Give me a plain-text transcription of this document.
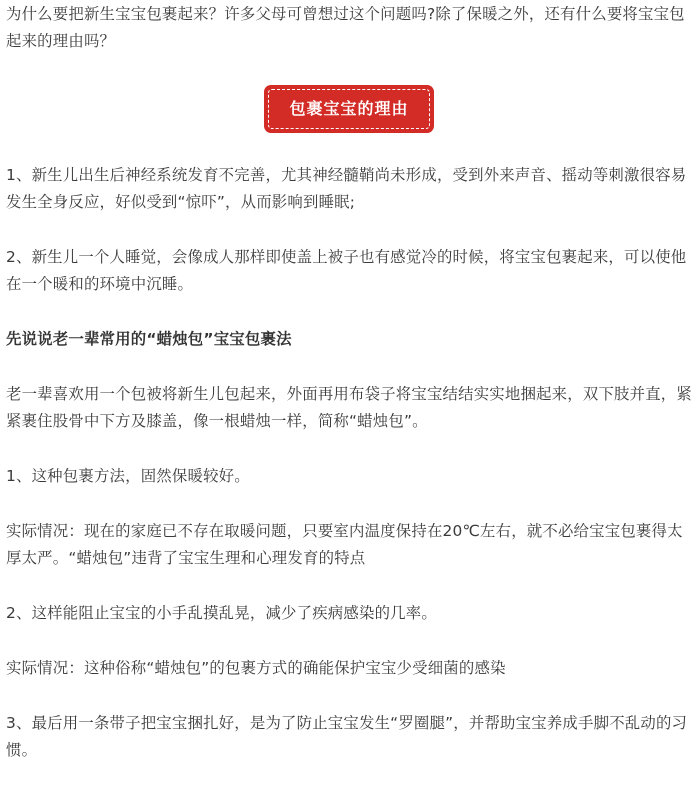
为什么要把新生宝宝包裹起来？许多父母可曾想过这个问题吗?除了保暖之外，还有什么要将宝宝包起来的理由吗？

包裹宝宝的理由

1、新生儿出生后神经系统发育不完善，尤其神经髓鞘尚未形成，受到外来声音、摇动等刺激很容易发生全身反应，好似受到“惊吓”，从而影响到睡眠;

2、新生儿一个人睡觉，会像成人那样即使盖上被子也有感觉冷的时候，将宝宝包裹起来，可以使他在一个暖和的环境中沉睡。

先说说老一辈常用的“蜡烛包”宝宝包裹法

老一辈喜欢用一个包被将新生儿包起来，外面再用布袋子将宝宝结结实实地捆起来，双下肢并直，紧紧裹住股骨中下方及膝盖，像一根蜡烛一样，简称“蜡烛包”。

1、这种包裹方法，固然保暖较好。

实际情况：现在的家庭已不存在取暖问题，只要室内温度保持在20℃左右，就不必给宝宝包裹得太厚太严。“蜡烛包”违背了宝宝生理和心理发育的特点

2、这样能阻止宝宝的小手乱摸乱晃，减少了疾病感染的几率。

实际情况：这种俗称“蜡烛包”的包裹方式的确能保护宝宝少受细菌的感染

3、最后用一条带子把宝宝捆扎好，是为了防止宝宝发生“罗圈腿”，并帮助宝宝养成手脚不乱动的习惯。
